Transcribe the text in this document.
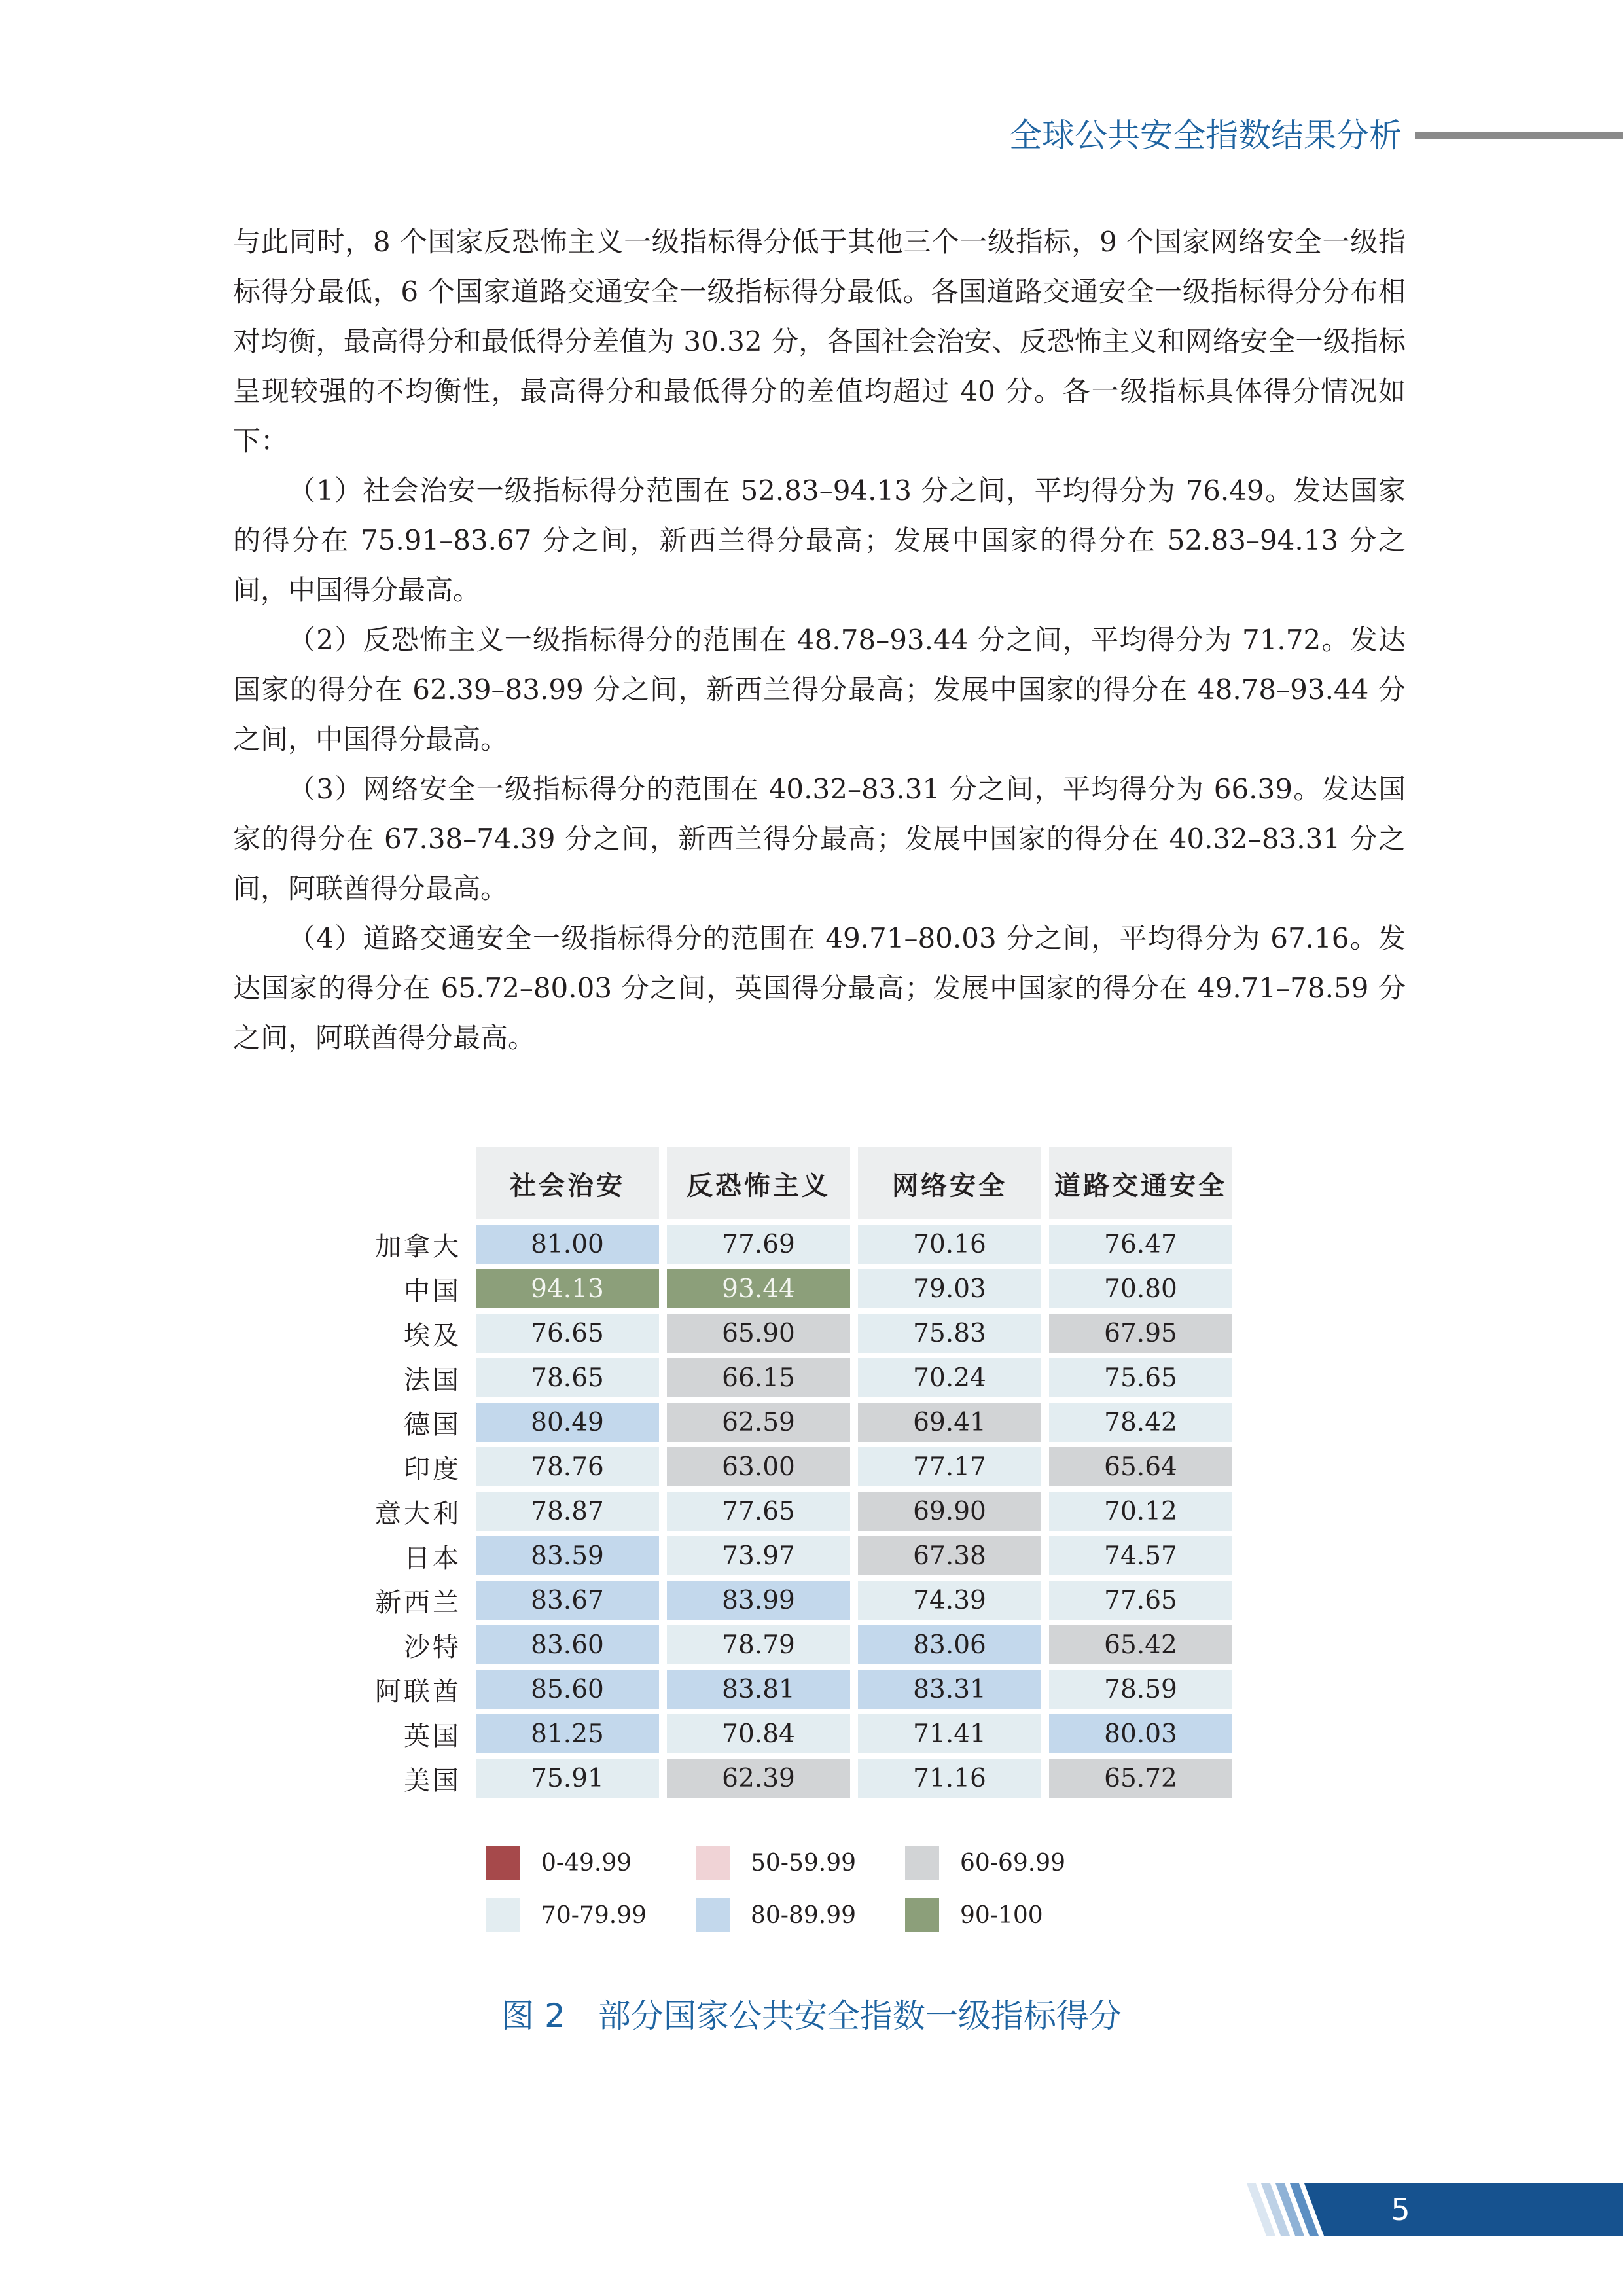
全球公共安全指数结果分析

与此同时，8 个国家反恐怖主义一级指标得分低于其他三个一级指标，9 个国家网络安全一级指标得分最低，6 个国家道路交通安全一级指标得分最低。各国道路交通安全一级指标得分分布相对均衡，最高得分和最低得分差值为 30.32 分，各国社会治安、反恐怖主义和网络安全一级指标呈现较强的不均衡性，最高得分和最低得分的差值均超过 40 分。各一级指标具体得分情况如下：

（1）社会治安一级指标得分范围在 52.83–94.13 分之间，平均得分为 76.49。发达国家的得分在 75.91–83.67 分之间，新西兰得分最高；发展中国家的得分在 52.83–94.13 分之间，中国得分最高。

（2）反恐怖主义一级指标得分的范围在 48.78–93.44 分之间，平均得分为 71.72。发达国家的得分在 62.39–83.99 分之间，新西兰得分最高；发展中国家的得分在 48.78–93.44 分之间，中国得分最高。

（3）网络安全一级指标得分的范围在 40.32–83.31 分之间，平均得分为 66.39。发达国家的得分在 67.38–74.39 分之间，新西兰得分最高；发展中国家的得分在 40.32–83.31 分之间，阿联酋得分最高。

（4）道路交通安全一级指标得分的范围在 49.71–80.03 分之间，平均得分为 67.16。发达国家的得分在 65.72–80.03 分之间，英国得分最高；发展中国家的得分在 49.71–78.59 分之间，阿联酋得分最高。

	社会治安	反恐怖主义	网络安全	道路交通安全
加拿大	81.00	77.69	70.16	76.47
中国	94.13	93.44	79.03	70.80
埃及	76.65	65.90	75.83	67.95
法国	78.65	66.15	70.24	75.65
德国	80.49	62.59	69.41	78.42
印度	78.76	63.00	77.17	65.64
意大利	78.87	77.65	69.90	70.12
日本	83.59	73.97	67.38	74.57
新西兰	83.67	83.99	74.39	77.65
沙特	83.60	78.79	83.06	65.42
阿联酋	85.60	83.81	83.31	78.59
英国	81.25	70.84	71.41	80.03
美国	75.91	62.39	71.16	65.72
0-49.99	50-59.99	60-69.99
70-79.99	80-89.99	90-100
图 2　部分国家公共安全指数一级指标得分
5
